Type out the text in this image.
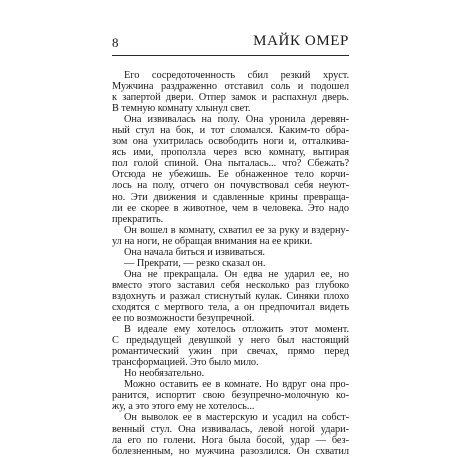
8	МАЙК ОМЕР
Его сосредоточенность сбил резкий хруст.
Мужчина раздраженно отставил соль и подошел
к запертой двери. Отпер замок и распахнул дверь.
В темную комнату хлынул свет.
Она извивалась на полу. Она уронила деревян-
ный стул на бок, и тот сломался. Каким-то обра-
зом она ухитрилась освободить ноги и, отталкива-
ясь ими, проползла через всю комнату, вытирая
пол голой спиной. Она пыталась... что? Сбежать?
Отсюда не убежишь. Ее обнаженное тело корчи-
лось на полу, отчего он почувствовал себя неуют-
но. Эти движения и сдавленные крины превраща-
ли ее скорее в животное, чем в человека. Это надо
прекратить.
Он вошел в комнату, схватил ее за руку и вздерну-
ул на ноги, не обращая внимания на ее крики.
Она начала биться и извиваться.
— Прекрати, — резко сказал он.
Она не прекращала. Он едва не ударил ее, но
вместо этого заставил себя несколько раз глубоко
вздохнуть и разжал стиснутый кулак. Синяки плохо
сходятся с мертвого тела, а он предпочитал видеть
ее по возможности безупречной.
В идеале ему хотелось отложить этот момент.
С предыдущей девушкой у него был настоящий
романтический ужин при свечах, прямо перед
трансформацией. Это было мило.
Но необязательно.
Можно оставить ее в комнате. Но вдруг она про-
ранится, испортит свою безупречно-молочную ко-
жу, а это этого ему не хотелось...
Он выволок ее в мастерскую и усадил на собст-
венный стул. Она извивалась, левой ногой удари-
ла его по голени. Нога была босой, удар — без-
болезненным, но мужчина разозлился. Он схватил
